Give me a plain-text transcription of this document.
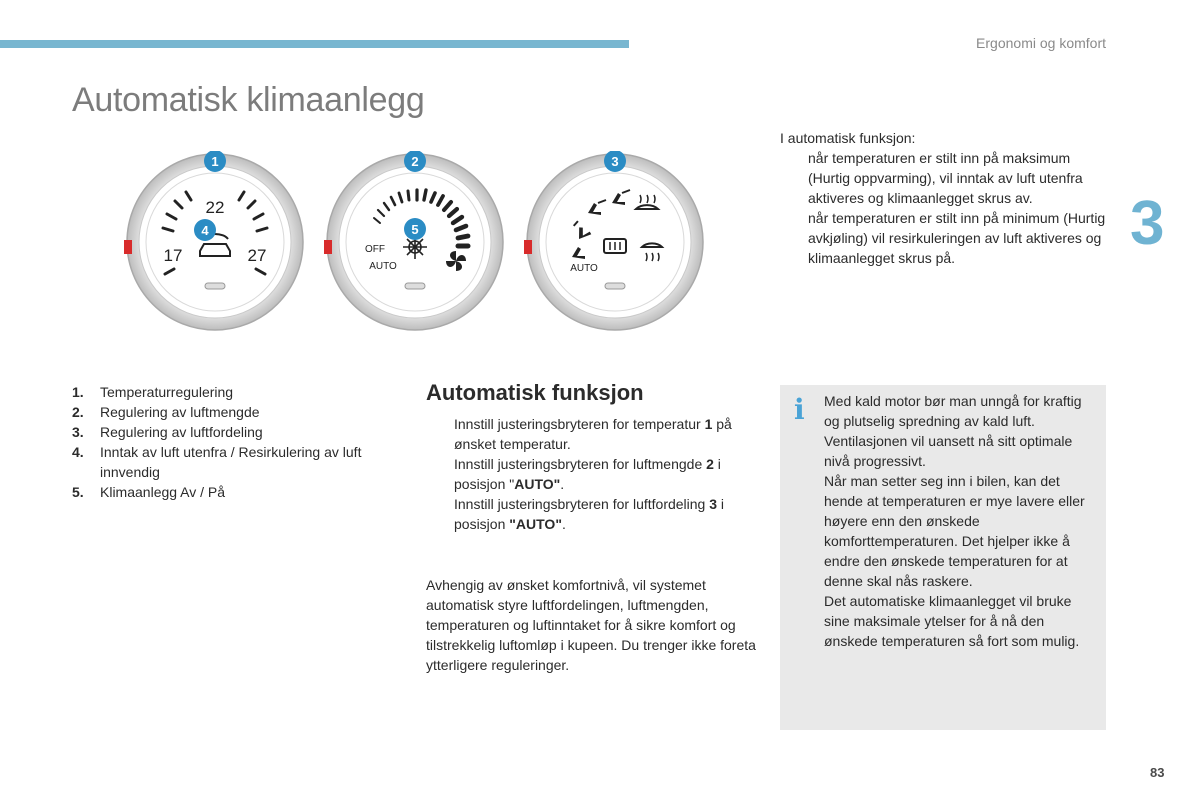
Ergonomi og komfort
3
Automatisk klimaanlegg
22
17	27
1
4
OFF
AUTO
2
5
AUTO
3
1.	Temperaturregulering
2.	Regulering av luftmengde
3.	Regulering av luftfordeling
4.	Inntak av luft utenfra / Resirkulering av luft innvendig
5.	Klimaanlegg Av / På
Automatisk funksjon
Innstill justeringsbryteren for temperatur 1 på ønsket temperatur.
Innstill justeringsbryteren for luftmengde 2 i posisjon "AUTO".
Innstill justeringsbryteren for luftfordeling 3 i posisjon "AUTO".

Avhengig av ønsket komfortnivå, vil systemet automatisk styre luftfordelingen, luftmengden, temperaturen og luftinntaket for å sikre komfort og tilstrekkelig luftomløp i kupeen. Du trenger ikke foreta ytterligere reguleringer.

I automatisk funksjon:

når temperaturen er stilt inn på maksimum (Hurtig oppvarming), vil inntak av luft utenfra aktiveres og klimaanlegget skrus av.
når temperaturen er stilt inn på minimum (Hurtig avkjøling) vil resirkuleringen av luft aktiveres og klimaanlegget skrus på.
i Med kald motor bør man unngå for kraftig og plutselig spredning av kald luft. Ventilasjonen vil uansett nå sitt optimale nivå progressivt.
Når man setter seg inn i bilen, kan det hende at temperaturen er mye lavere eller høyere enn den ønskede komforttemperaturen. Det hjelper ikke å endre den ønskede temperaturen for at denne skal nås raskere.
Det automatiske klimaanlegget vil bruke sine maksimale ytelser for å nå den ønskede temperaturen så fort som mulig.

83
